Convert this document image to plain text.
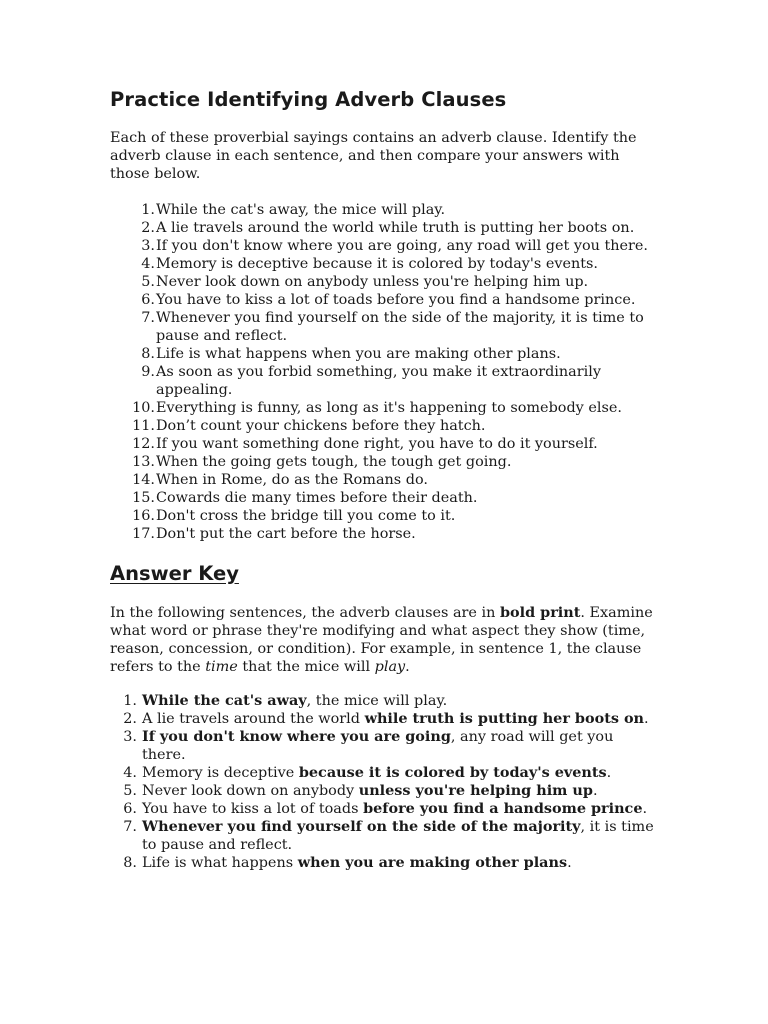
Practice Identifying Adverb Clauses

Each of these proverbial sayings contains an adverb clause. Identify the adverb clause in each sentence, and then compare your answers with those below.

1. While the cat's away, the mice will play.
2. A lie travels around the world while truth is putting her boots on.
3. If you don't know where you are going, any road will get you there.
4. Memory is deceptive because it is colored by today's events.
5. Never look down on anybody unless you're helping him up.
6. You have to kiss a lot of toads before you find a handsome prince.
7. Whenever you find yourself on the side of the majority, it is time to pause and reflect.
8. Life is what happens when you are making other plans.
9. As soon as you forbid something, you make it extraordinarily appealing.
10. Everything is funny, as long as it's happening to somebody else.
11. Don’t count your chickens before they hatch.
12. If you want something done right, you have to do it yourself.
13. When the going gets tough, the tough get going.
14. When in Rome, do as the Romans do.
15. Cowards die many times before their death.
16. Don't cross the bridge till you come to it.
17. Don't put the cart before the horse.
Answer Key

In the following sentences, the adverb clauses are in bold print. Examine what word or phrase they're modifying and what aspect they show (time, reason, concession, or condition). For example, in sentence 1, the clause refers to the time that the mice will play.

1. While the cat's away, the mice will play.
2. A lie travels around the world while truth is putting her boots on.
3. If you don't know where you are going, any road will get you there.
4. Memory is deceptive because it is colored by today's events.
5. Never look down on anybody unless you're helping him up.
6. You have to kiss a lot of toads before you find a handsome prince.
7. Whenever you find yourself on the side of the majority, it is time to pause and reflect.
8. Life is what happens when you are making other plans.
